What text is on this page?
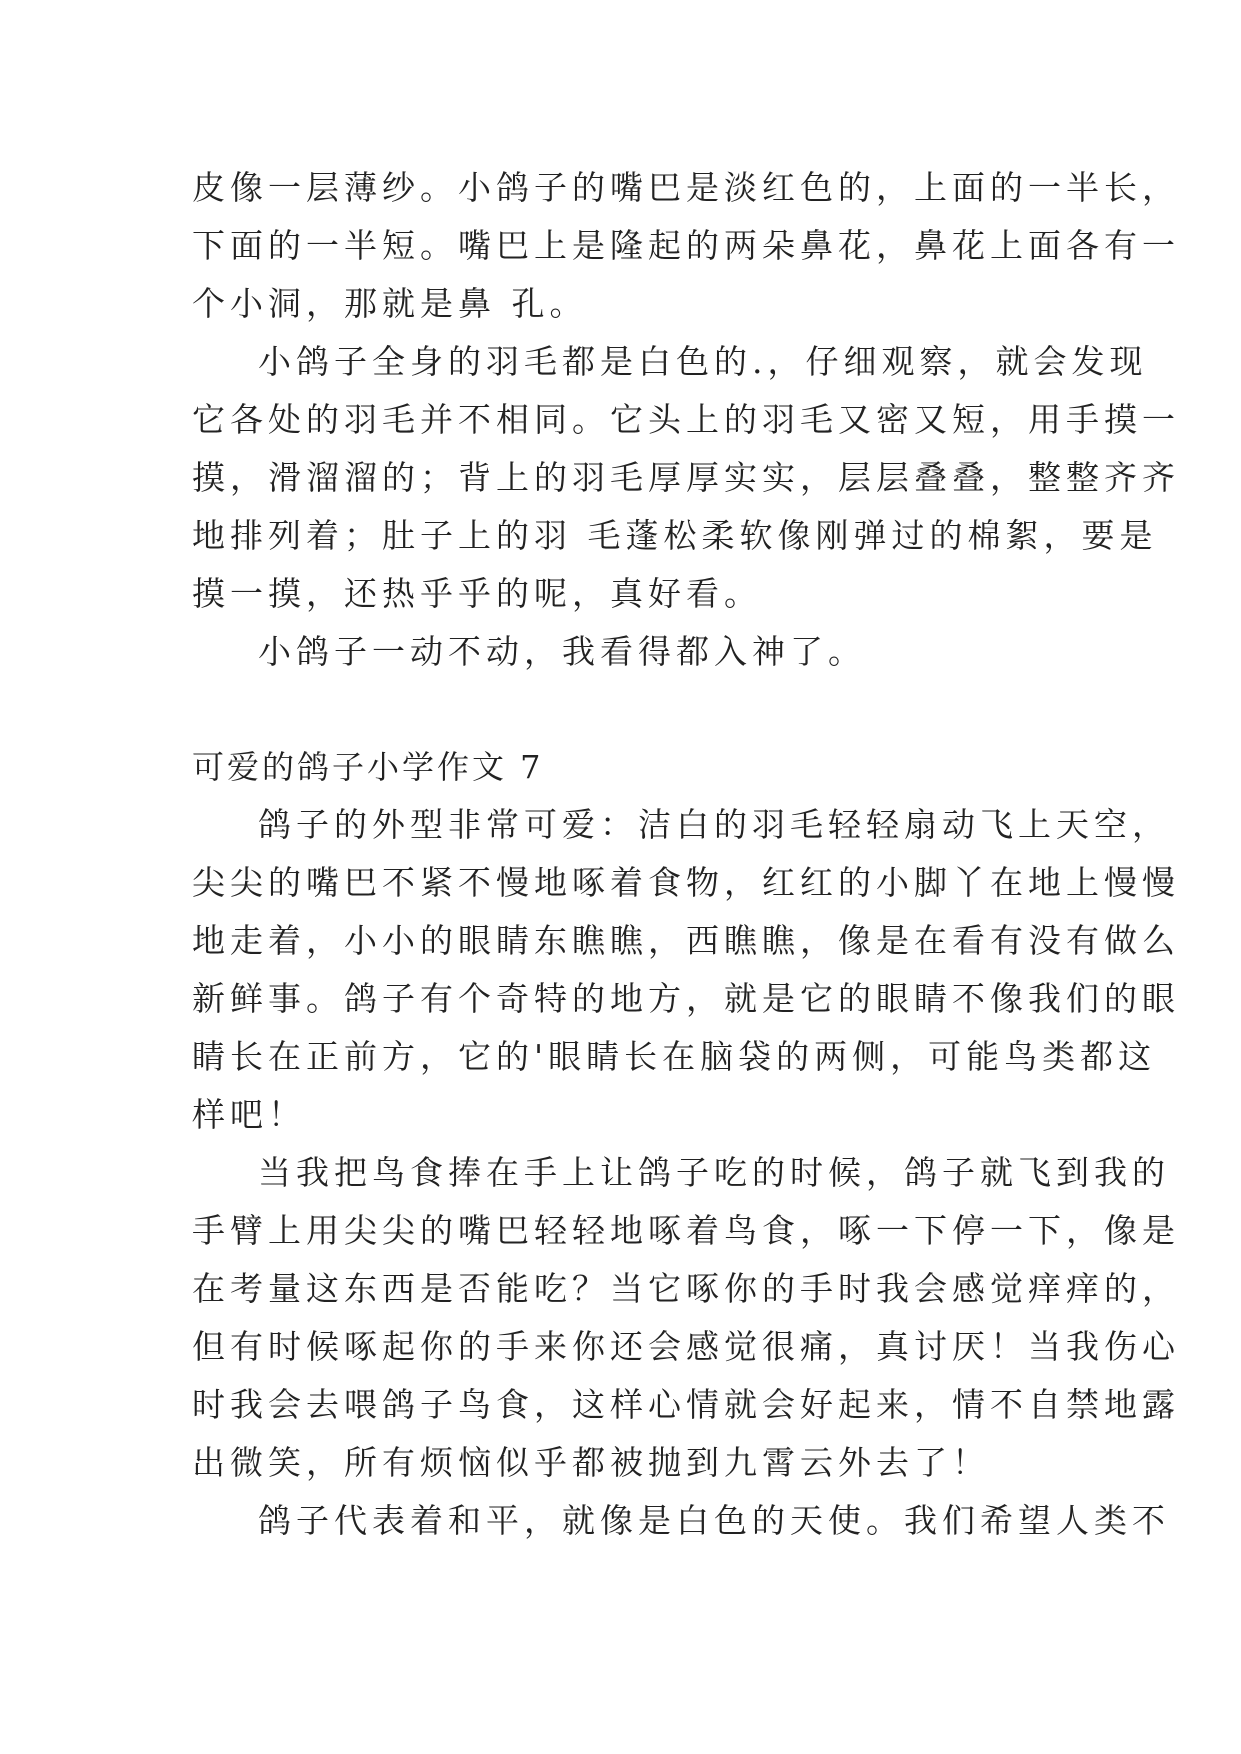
皮像一层薄纱。小鸽子的嘴巴是淡红色的，上面的一半长，
下面的一半短。嘴巴上是隆起的两朵鼻花，鼻花上面各有一
个小洞，那就是鼻 孔。
小鸽子全身的羽毛都是白色的.，仔细观察，就会发现
它各处的羽毛并不相同。它头上的羽毛又密又短，用手摸一
摸，滑溜溜的；背上的羽毛厚厚实实，层层叠叠，整整齐齐
地排列着；肚子上的羽 毛蓬松柔软像刚弹过的棉絮，要是
摸一摸，还热乎乎的呢，真好看。
小鸽子一动不动，我看得都入神了。
可爱的鸽子小学作文 7
鸽子的外型非常可爱：洁白的羽毛轻轻扇动飞上天空，
尖尖的嘴巴不紧不慢地啄着食物，红红的小脚丫在地上慢慢
地走着，小小的眼睛东瞧瞧，西瞧瞧，像是在看有没有做么
新鲜事。鸽子有个奇特的地方，就是它的眼睛不像我们的眼
睛长在正前方，它的'眼睛长在脑袋的两侧，可能鸟类都这
样吧！
当我把鸟食捧在手上让鸽子吃的时候，鸽子就飞到我的
手臂上用尖尖的嘴巴轻轻地啄着鸟食，啄一下停一下，像是
在考量这东西是否能吃？当它啄你的手时我会感觉痒痒的，
但有时候啄起你的手来你还会感觉很痛，真讨厌！当我伤心
时我会去喂鸽子鸟食，这样心情就会好起来，情不自禁地露
出微笑，所有烦恼似乎都被抛到九霄云外去了！
鸽子代表着和平，就像是白色的天使。我们希望人类不
